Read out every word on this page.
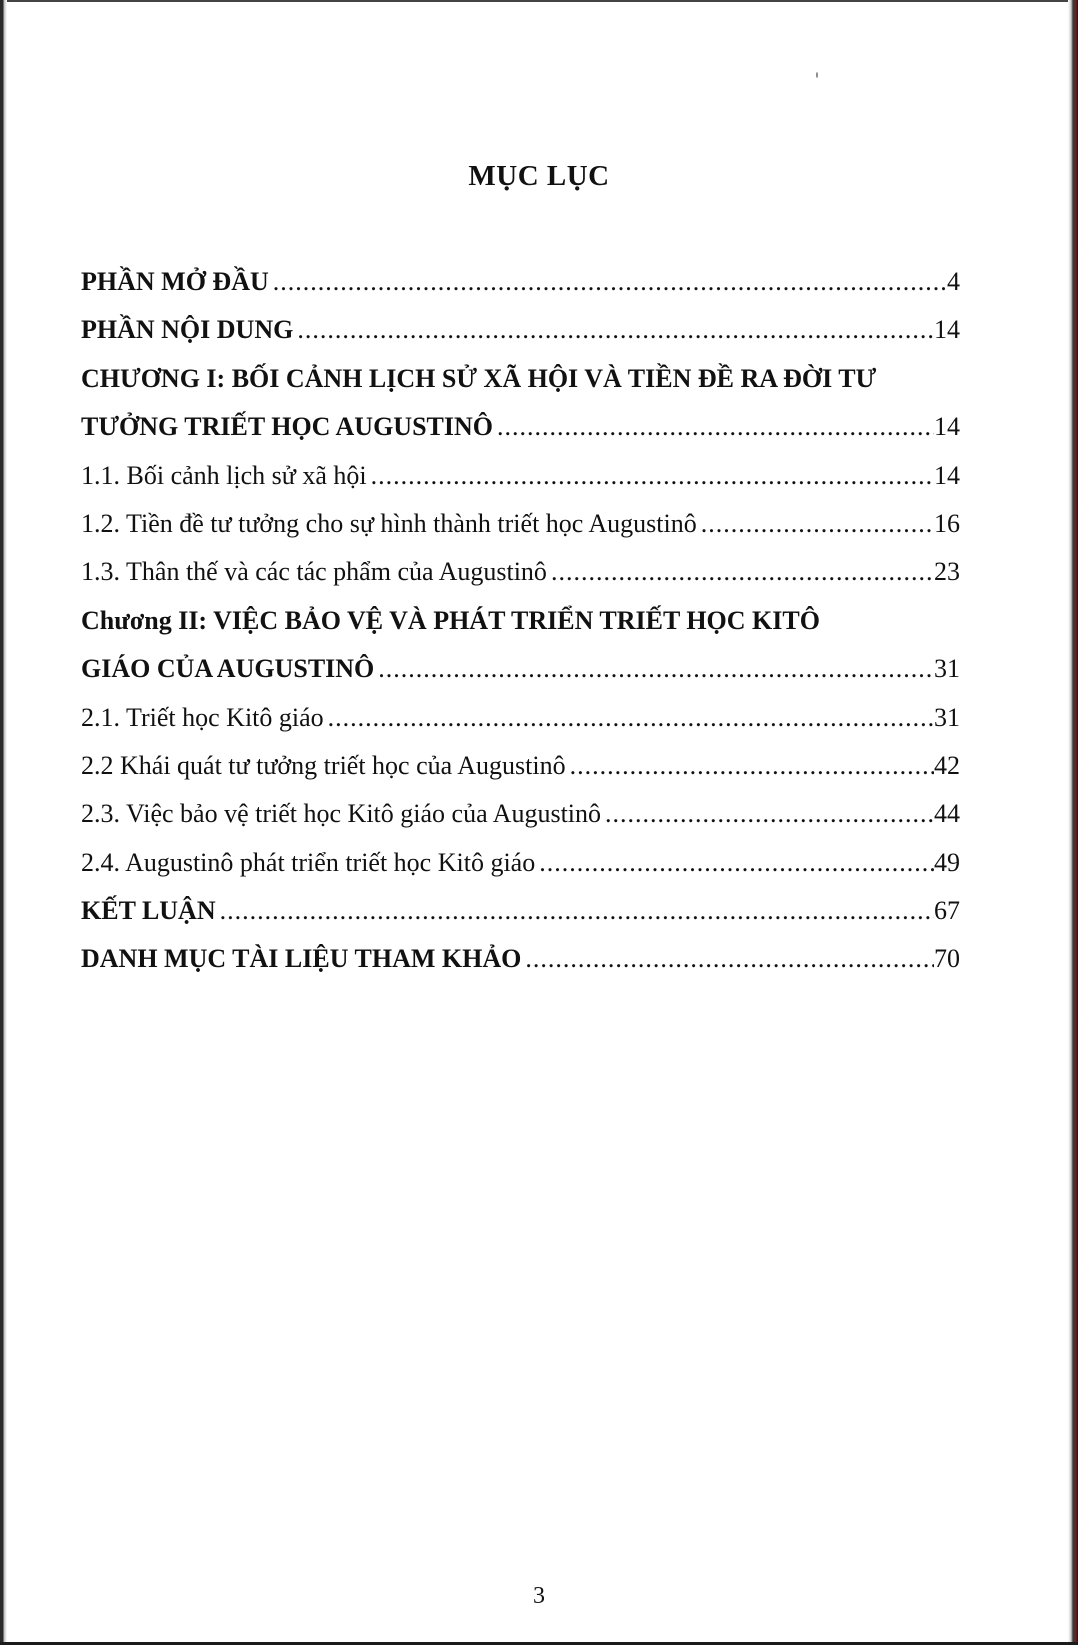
MỤC LỤC
PHẦN MỞ ĐẦU .....	4
PHẦN NỘI DUNG .....	14
CHƯƠNG I: BỐI CẢNH LỊCH SỬ XÃ HỘI VÀ TIỀN ĐỀ RA ĐỜI TƯ
TƯỞNG TRIẾT HỌC AUGUSTINÔ .....	14
1.1. Bối cảnh lịch sử xã hội .....	14
1.2. Tiền đề tư tưởng cho sự hình thành triết học Augustinô .....	16
1.3. Thân thế và các tác phẩm của Augustinô .....	23
Chương II: VIỆC BẢO VỆ VÀ PHÁT TRIỂN TRIẾT HỌC KITÔ
GIÁO CỦA AUGUSTINÔ .....	31
2.1. Triết học Kitô giáo .....	31
2.2 Khái quát tư tưởng triết học của Augustinô .....	42
2.3. Việc bảo vệ triết học Kitô giáo của Augustinô .....	44
2.4. Augustinô phát triển triết học Kitô giáo .....	49
KẾT LUẬN .....	67
DANH MỤC TÀI LIỆU THAM KHẢO .....	70
3
